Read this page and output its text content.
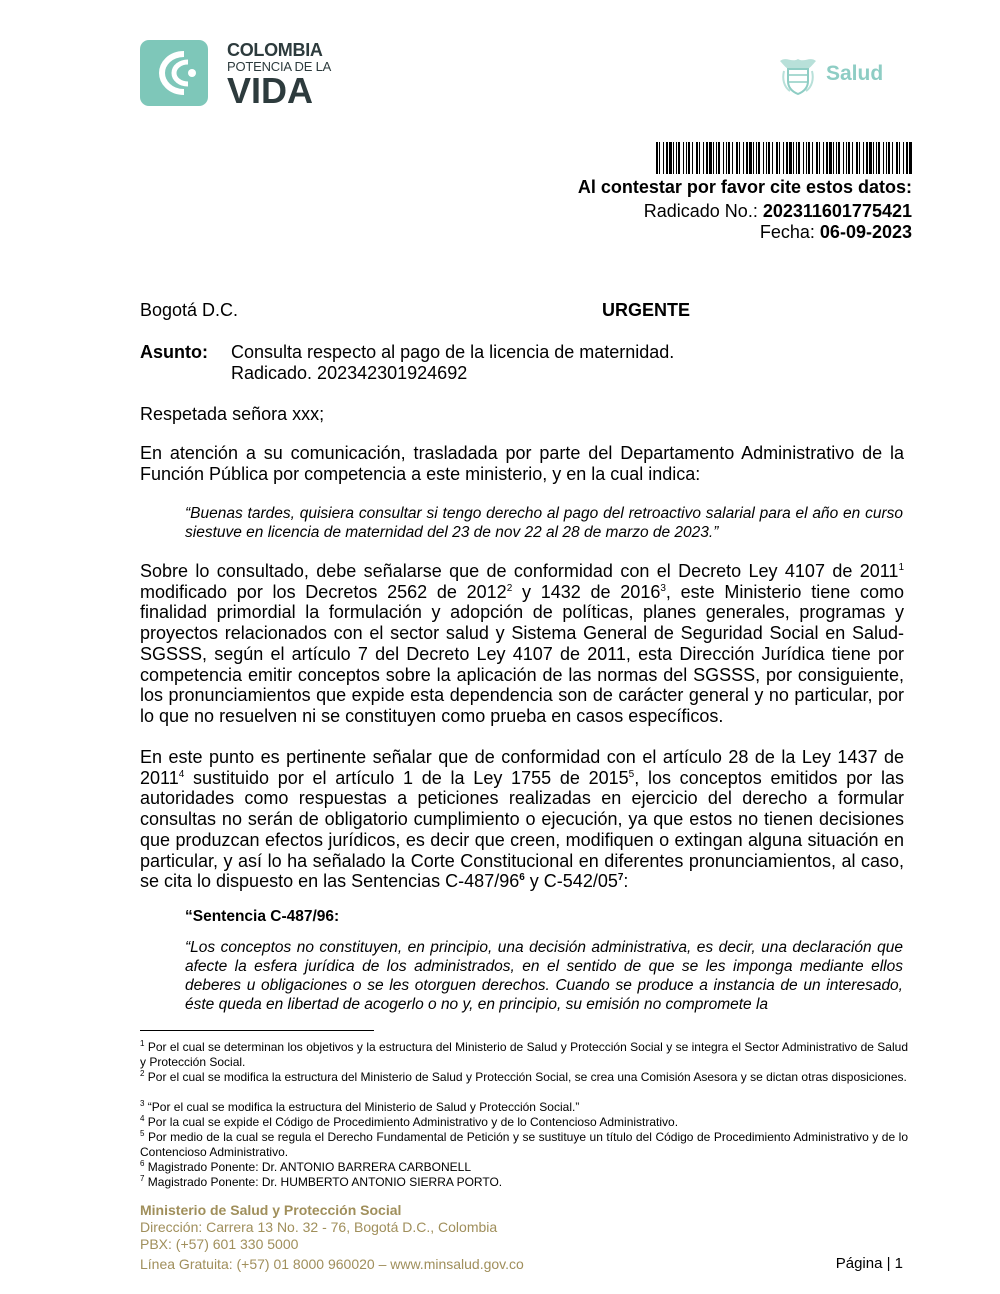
COLOMBIA
POTENCIA DE LA
VIDA	Salud
Al contestar por favor cite estos datos:
Radicado No.: 202311601775421
Fecha: 06-09-2023
Bogotá D.C.	URGENTE
Asunto: Consulta respecto al pago de la licencia de maternidad.
Radicado. 202342301924692
Respetada señora xxx;
En atención a su comunicación, trasladada por parte del Departamento Administrativo de la Función Pública por competencia a este ministerio, y en la cual indica:
“Buenas tardes, quisiera consultar si tengo derecho al pago del retroactivo salarial para el año en curso siestuve en licencia de maternidad del 23 de nov 22 al 28 de marzo de 2023.”
Sobre lo consultado, debe señalarse que de conformidad con el Decreto Ley 4107 de 2011$^1$ modificado por los Decretos 2562 de 2012$^2$ y 1432 de 2016$^3$, este Ministerio tiene como finalidad primordial la formulación y adopción de políticas, planes generales, programas y proyectos relacionados con el sector salud y Sistema General de Seguridad Social en Salud-SGSSS, según el artículo 7 del Decreto Ley 4107 de 2011, esta Dirección Jurídica tiene por competencia emitir conceptos sobre la aplicación de las normas del SGSSS, por consiguiente, los pronunciamientos que expide esta dependencia son de carácter general y no particular, por lo que no resuelven ni se constituyen como prueba en casos específicos.
En este punto es pertinente señalar que de conformidad con el artículo 28 de la Ley 1437 de 2011$^4$ sustituido por el artículo 1 de la Ley 1755 de 2015$^5$, los conceptos emitidos por las autoridades como respuestas a peticiones realizadas en ejercicio del derecho a formular consultas no serán de obligatorio cumplimiento o ejecución, ya que estos no tienen decisiones que produzcan efectos jurídicos, es decir que creen, modifiquen o extingan alguna situación en particular, y así lo ha señalado la Corte Constitucional en diferentes pronunciamientos, al caso, se cita lo dispuesto en las Sentencias $C-487/96^6$ y $C-542/05^7$:
“Sentencia C-487/96:
“Los conceptos no constituyen, en principio, una decisión administrativa, es decir, una declaración que afecte la esfera jurídica de los administrados, en el sentido de que se les imponga mediante ellos deberes u obligaciones o se les otorguen derechos. Cuando se produce a instancia de un interesado, éste queda en libertad de acogerlo o no y, en principio, su emisión no compromete la
$^1$ Por el cual se determinan los objetivos y la estructura del Ministerio de Salud y Protección Social y se integra el Sector Administrativo de Salud y Protección Social.
$^2$ Por el cual se modifica la estructura del Ministerio de Salud y Protección Social, se crea una Comisión Asesora y se dictan otras disposiciones.
$^3$ “Por el cual se modifica la estructura del Ministerio de Salud y Protección Social.”
$^4$ Por la cual se expide el Código de Procedimiento Administrativo y de lo Contencioso Administrativo.
$^5$ Por medio de la cual se regula el Derecho Fundamental de Petición y se sustituye un título del Código de Procedimiento Administrativo y de lo Contencioso Administrativo.
$^6$ Magistrado Ponente: Dr. ANTONIO BARRERA CARBONELL
$^7$ Magistrado Ponente: Dr. HUMBERTO ANTONIO SIERRA PORTO.
Ministerio de Salud y Protección Social
Dirección: Carrera 13 No. 32 - 76, Bogotá D.C., Colombia
PBX: (+57) 601 330 5000
Línea Gratuita: (+57) 01 8000 960020 – www.minsalud.gov.co	Página | 1
